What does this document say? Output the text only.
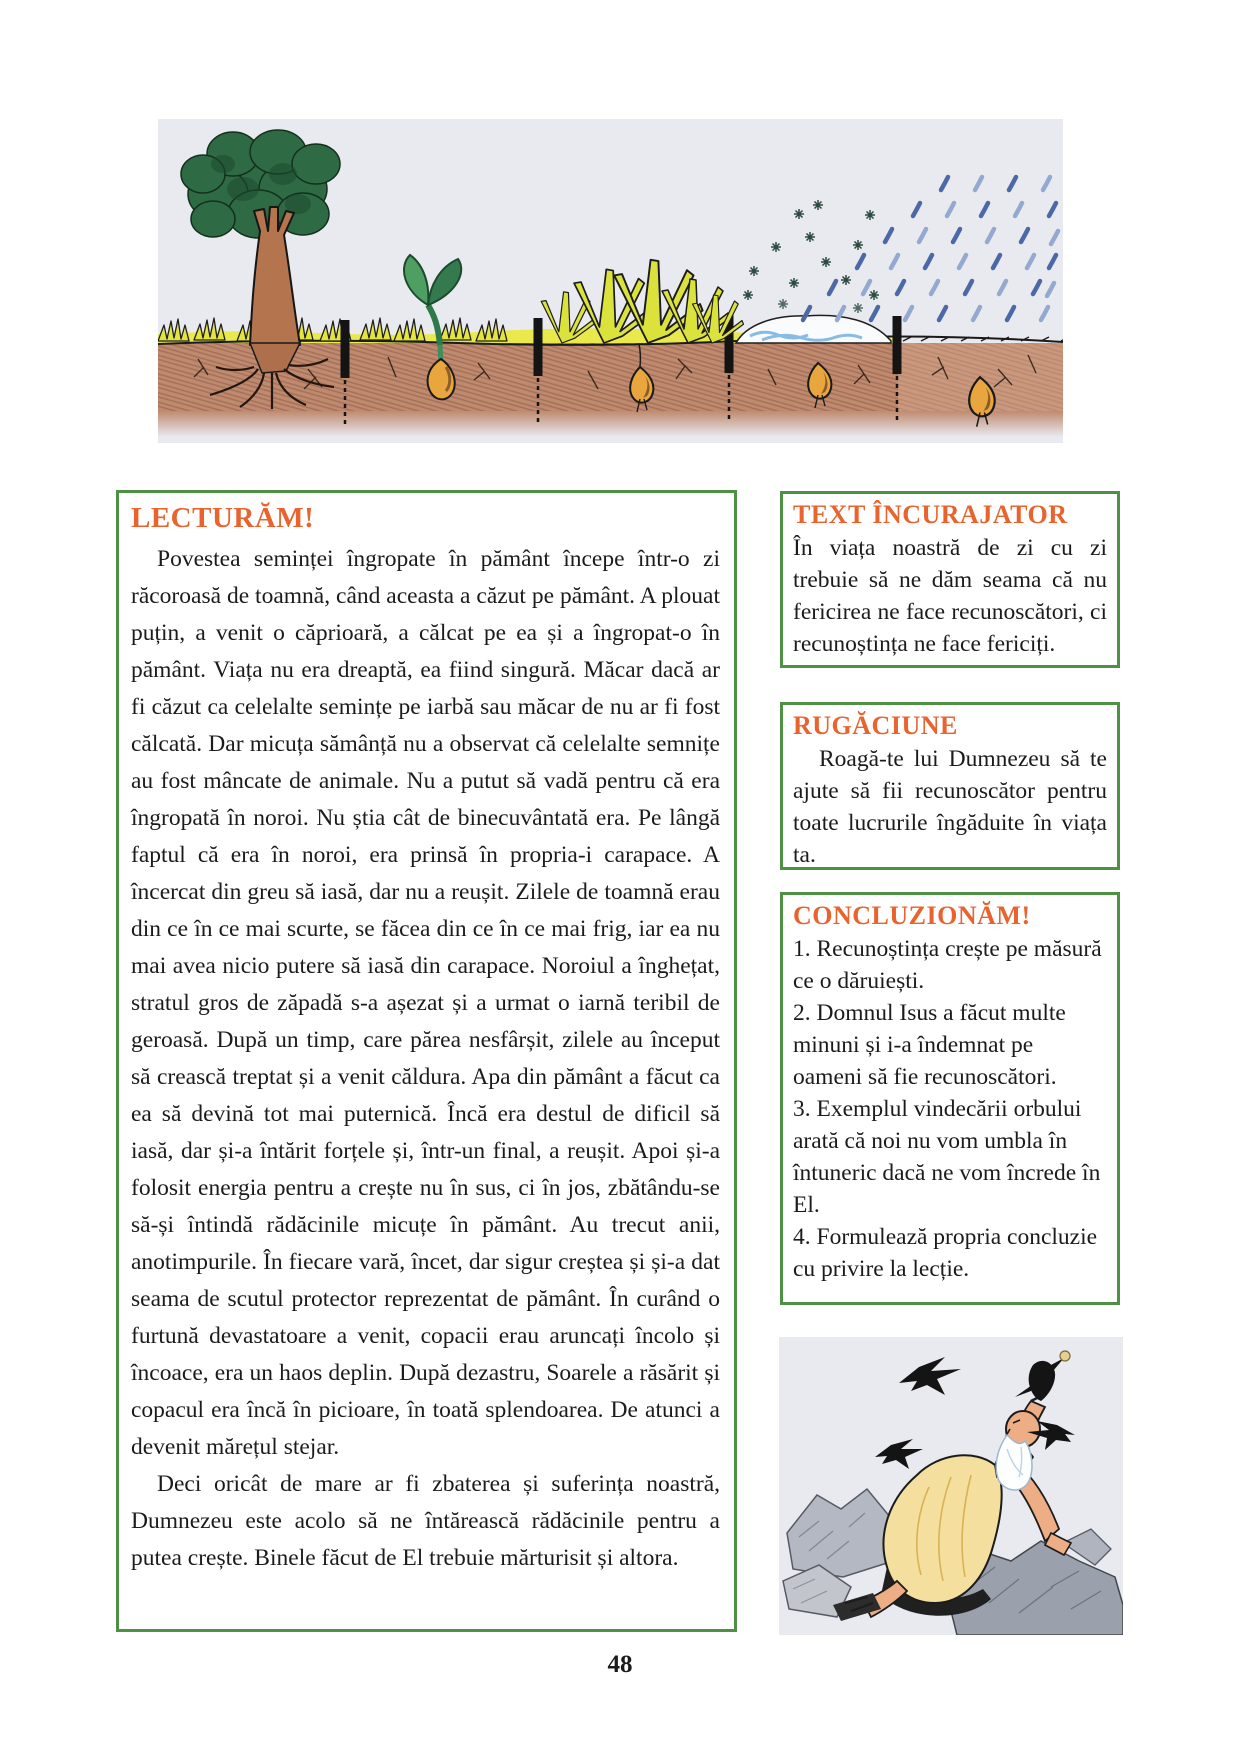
LECTURĂM!

Povestea seminței îngropate în pământ începe într-o zi răcoroasă de toamnă, când aceasta a căzut pe pământ. A plouat puțin, a venit o căprioară, a călcat pe ea și a îngropat-o în pământ. Viața nu era dreaptă, ea fiind singură. Măcar dacă ar fi căzut ca celelalte semințe pe iarbă sau măcar de nu ar fi fost călcată. Dar micuța sămânță nu a observat că celelalte semnițe au fost mâncate de animale. Nu a putut să vadă pentru că era îngropată în noroi. Nu știa cât de binecuvântată era. Pe lângă faptul că era în noroi, era prinsă în propria-i carapace. A încercat din greu să iasă, dar nu a reușit. Zilele de toamnă erau din ce în ce mai scurte, se făcea din ce în ce mai frig, iar ea nu mai avea nicio putere să iasă din carapace. Noroiul a înghețat, stratul gros de zăpadă s-a așezat și a urmat o iarnă teribil de geroasă. După un timp, care părea nesfârșit, zilele au început să crească treptat și a venit căldura. Apa din pământ a făcut ca ea să devină tot mai puternică. Încă era destul de dificil să iasă, dar și-a întărit forțele și, într-un final, a reușit. Apoi și-a folosit energia pentru a crește nu în sus, ci în jos, zbătându-se să-și întindă rădăcinile micuțe în pământ. Au trecut anii, anotimpurile. În fiecare vară, încet, dar sigur creștea și și-a dat seama de scutul protector reprezentat de pământ. În curând o furtună devastatoare a venit, copacii erau aruncați încolo și încoace, era un haos deplin. După dezastru, Soarele a răsărit și copacul era încă în picioare, în toată splendoarea. De atunci a devenit mărețul stejar.

Deci oricât de mare ar fi zbaterea și suferința noastră, Dumnezeu este acolo să ne întărească rădăcinile pentru a putea crește. Binele făcut de El trebuie mărturisit și altora.

TEXT ÎNCURAJATOR

În viața noastră de zi cu zi trebuie să ne dăm seama că nu fericirea ne face recunoscători, ci recunoștința ne face fericiți.

RUGĂCIUNE

Roagă-te lui Dumnezeu să te ajute să fii recunoscător pentru toate lucrurile îngăduite în viața ta.

CONCLUZIONĂM!
1. Recunoștința crește pe măsură ce o dăruiești.
2. Domnul Isus a făcut multe minuni și i-a îndemnat pe oameni să fie recunoscători.
3. Exemplul vindecării orbului arată că noi nu vom umbla în întuneric dacă ne vom încrede în El.
4. Formulează propria concluzie cu privire la lecție.
48
